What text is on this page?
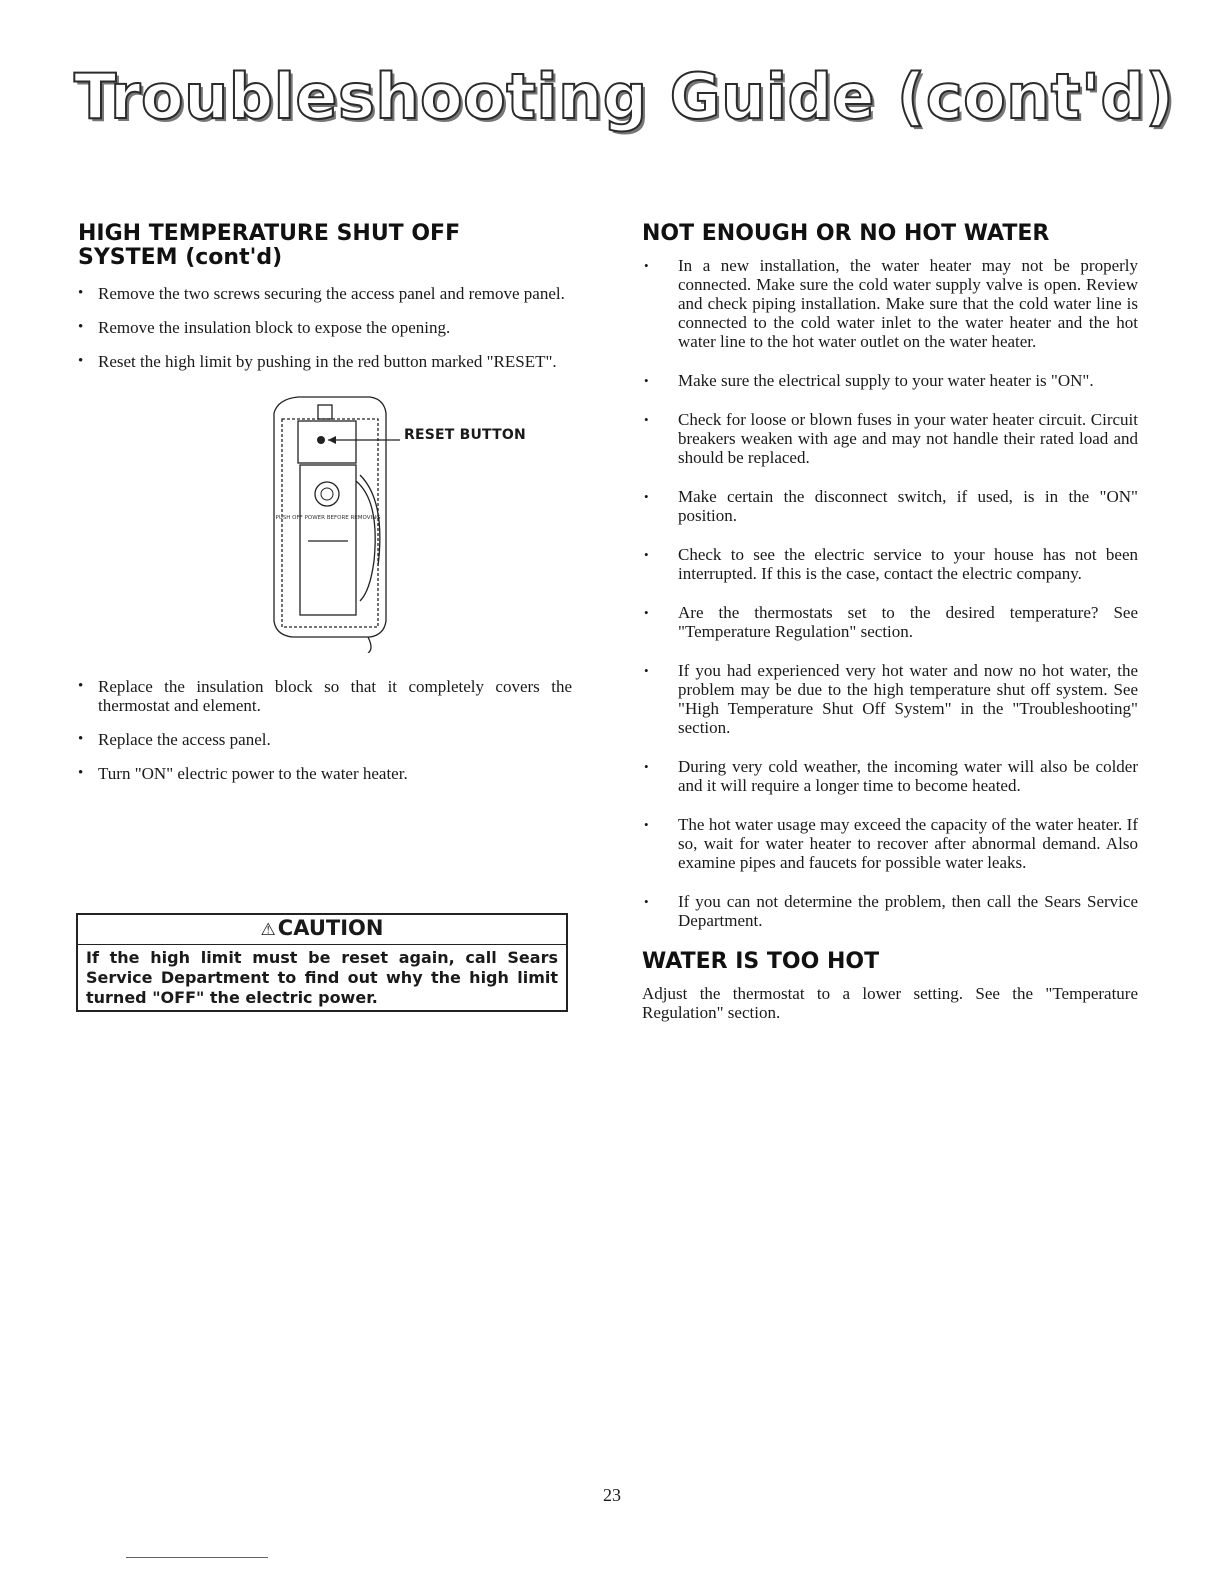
Troubleshooting Guide (cont'd)
HIGH TEMPERATURE SHUT OFF SYSTEM (cont'd)
• Remove the two screws securing the access panel and remove panel.
• Remove the insulation block to expose the opening.
• Reset the high limit by pushing in the red button marked "RESET".
PUSH OFF POWER BEFORE REMOVING
RESET BUTTON
• Replace the insulation block so that it completely covers the thermostat and element.
• Replace the access panel.
• Turn "ON" electric power to the water heater.
⚠CAUTION
If the high limit must be reset again, call Sears Service Department to find out why the high limit turned "OFF" the electric power.
NOT ENOUGH OR NO HOT WATER
• In a new installation, the water heater may not be properly connected. Make sure the cold water supply valve is open. Review and check piping installation. Make sure that the cold water line is connected to the cold water inlet to the water heater and the hot water line to the hot water outlet on the water heater.
• Make sure the electrical supply to your water heater is "ON".
• Check for loose or blown fuses in your water heater circuit. Circuit breakers weaken with age and may not handle their rated load and should be replaced.
• Make certain the disconnect switch, if used, is in the "ON" position.
• Check to see the electric service to your house has not been interrupted. If this is the case, contact the electric company.
• Are the thermostats set to the desired temperature? See "Temperature Regulation" section.
• If you had experienced very hot water and now no hot water, the problem may be due to the high temperature shut off system. See "High Temperature Shut Off System" in the "Troubleshooting" section.
• During very cold weather, the incoming water will also be colder and it will require a longer time to become heated.
• The hot water usage may exceed the capacity of the water heater. If so, wait for water heater to recover after abnormal demand. Also examine pipes and faucets for possible water leaks.
• If you can not determine the problem, then call the Sears Service Department.
WATER IS TOO HOT
Adjust the thermostat to a lower setting. See the "Temperature Regulation" section.
23
